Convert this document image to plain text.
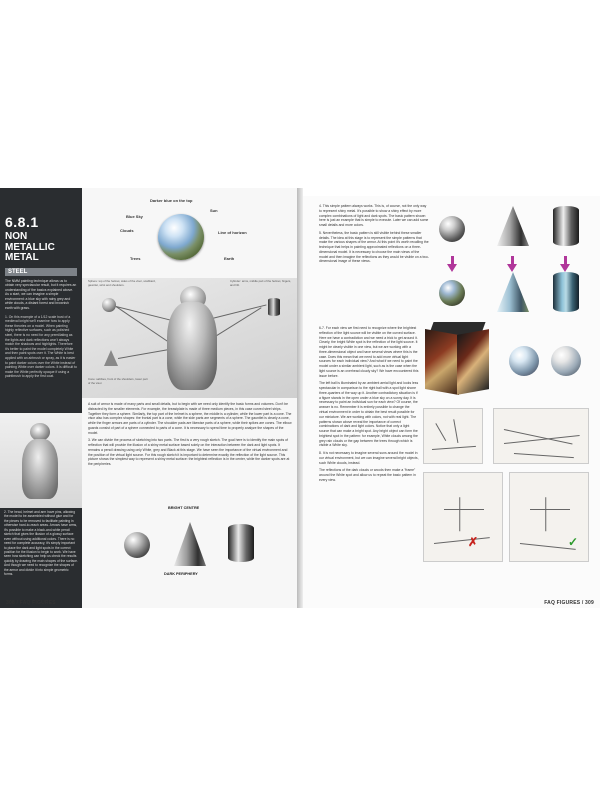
6.8.1
NON METALLIC
METAL
STEEL
The NMM painting technique allows us to obtain very spectacular result, but it requires an understanding of the basics explained above. As a start, we can imagine a simple environment: a blue sky with rainy grey and white clouds, a distant forest and brownish earth with grass.
1. On this example of a 1/12 scale bust of a medieval knight we'll examine how to apply these theories on a model. When painting highly reflective surfaces, such as polished steel, there is no need for any premiliating as the lights and dark reflections won't always match the shadows and highlights. Therefore it's better to paint the model completely White and then paint spots over it. The White is best applied with an airbrush or spray, as it is easier to paint darker colors over the White instead of painting White over darker colors. It is difficult to make the White perfectly opaque if using a paintbrush to apply the first coat.
Darker blue on the top
Sun
Blue Sky
Clouds	Line of horizon
Trees	Earth
Sphere: top of the helmet, sides of the visor, scabbard, gauntlet, wrist and shoulders.
Cylinder: arms, middle part of the helmet, fingers, and hilt.
Cone: sabbies, front of the shoulders, lower part of the visor.
2. The head, helmet and arm have pins, allowing the model to be assembled without glue and for the pieces to be removed to facilitate painting in otherwise hard-to-reach areas. Arrows have arms, it's possible to make a black-and-white pencil sketch that gives the illusion of a glossy surface even without using additional colors. There is no need for complete accuracy, it's simply important to place the dark and light spots in the correct position for the illusion to begin to work. We have seen how sketching can help us check the results quickly by drawing the main shapes of the surface. And though we need to recognize the shapes of the armor and divide it into simple geometric forms.

A suit of armor is made of many parts and small details, but to begin with we need only identify the basic forms and volumes. Don't be distracted by the smaller elements. For example, the breastplate is made of three medium pieces, in this case curved steel strips. Together they form a sphere. Similarly, the top part of the helmet is a sphere, the middle is a cylinder, while the lower part is a cone. The visor also has complex shapes: the frontal part is a cone, while the side parts are segments of a sphere. The gauntlet is clearly a cone, while the finger armors are parts of a cylinder. The shoulder pads are likewise parts of a sphere, while their spikes are cones. The elbow guards consist of part of a sphere connected to parts of a cone. It is necessary to spend time to properly analyze the shapes of the model.

3. We can divide the process of sketching into two parts. The first is a very rough sketch. The goal here is to identify the main spots of reflection that will provide the illusion of a shiny metal surface based solely on the interaction between the dark and light spots. It remains a pencil drawing using only White, grey and Black at this stage. We have seen the importance of the virtual environment and the position of the virtual light source. For this rough sketch it is important to determine exactly the reflection of the light source. This picture shows the simplest way to represent a shiny metal surface: the brightest reflection is in the center, while the darker spots are at the peripheries.

BRIGHT CENTRE
DARK PERIPHERY
308 / FAQ FIGURES

4. This simple pattern always works. This is, of course, not the only way to represent shiny metal. It's possible to show a shiny effect by more complex combinations of light and dark spots. The basic pattern shown here is just an example that is simple to execute. Later we can add some small details and more colors.

5. Nevertheless, the basic pattern is still visible behind these smaller details. The idea at this stage is to represent the simple patterns that make the various shapes of the armor. At this point it's worth recalling the technique that helps in painting approximated reflections on a three-dimensional model. It is necessary to choose the main views of the model and then imagine the reflections as they would be visible on a two-dimensional image of these views.

6-7. For each view we first need to recognize where the brightest reflection of the light source will be visible on the curved surface. Here we have a contradiction and we need a trick to get around it. Clearly, the bright White spot is the reflection of the light source. It might be clearly visible in one view, but we are working with a three-dimensional object and have several views where this is the case. Does this mean that we need to add more virtual light sources for each individual view? And what if we need to paint the model under a similar ambient light, such as is the case when the light source is an overhead cloudy sky? We have encountered this issue before.

The left ball is illuminated by an ambient aerial light and looks less spectacular in comparison to the right ball with a spot light shone three-quarters of the way up it. Another contradictory situation is if a figure stands in the open under a blue sky on a sunny day. It is necessary to paint an individual sun for each view? Of course, the answer is no. Remember it is entirely possible to change the virtual environment in order to obtain the best result possible for our miniature. We are working with colors, not with real light. The patterns shown above reveal the importance of correct combinations of dark and light colors. Notice that only a light source that can make a bright spot. Any bright object can form the brightest spot in the pattern: for example, White clouds among the grey rain clouds or the gap between the trees through which is visible a White sky.

8. It is not necessary to imagine several suns around the model in our virtual environment, but we can imagine several bright objects, such White clouds, instead.

The reflections of the dark clouds or woods then make a "frame" around the White spot and allow us to repeat the basic pattern in every view.

✗	✓
FAQ FIGURES / 309
